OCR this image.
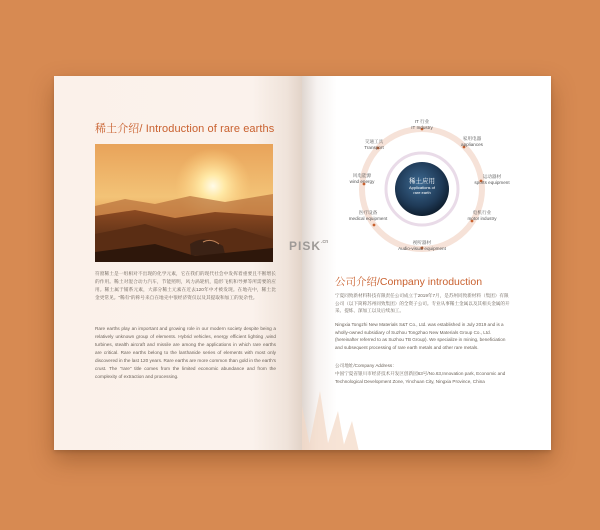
稀土介绍/ Introduction of rare earths
符窗稀土是一组相对不出现的化学元素，它在我们的现代社会中发挥着重要且不断增长的作用。稀土对混合动力汽车，节能照明，风力涡轮机，隐形飞机和导弹等所需要的应用。稀土属于铺系元素，大部分稀土元素在近去120年中才被发现。在地壳中，稀土比金更常见。“稀有”的称号来自在地壳中很经济资仅以及其提取和加工的复杂性。
Rare earths play an important and growing role in our modern society despite being a relatively unknown group of elements. Hybrid vehicles, energy efficient lighting ,wind turbines, stealth aircraft and missile are among the applications in which rare earths are critical. Rare earths belong to the lanthanide series of elements with most only discovered in the last 120 years. Rare earths are more common than gold in the earth's crust. The "rare" title comes from the limited economic abundance and from the complexity of extraction and processing.
稀土应用
Applications of
rare earth
IT 行业
IT Industry
家用电器
appliances
运动器材
sports equipment
电机行业
motor industry
视听器材
Audio-visual equipment
医疗设备
medical equipment
风电能源
wind energy
交通工具
Transport
公司介绍/Company introduction
宁夏同致新材料科技有限责任公司成立于2019年7月，是苏州同致新材料（集团）有限公司（以下简称苏州同致集团）的全资子公司。专业从事稀土金属以及其相关金属的开采、提炼、深加工以及后续加工。
Ningxia Tongzhi New Materials S&T Co., Ltd. was established in July 2019 and is a wholly-owned subsidiary of Suzhou Tongzhao New Materials Group Co., Ltd. (hereinafter referred to as Suzhou TB Group). We specialize in mining, beneficiation and subsequent processing of rare earth metals and other rare metals.
公司地址/Company Address：
中国宁夏省银川市经济技术开发区创新园63号/No.63,Innovation park, Economic and Technological Development Zone, Yinchuan City, Ningxia Province, China
$PISK^{.cn}$
